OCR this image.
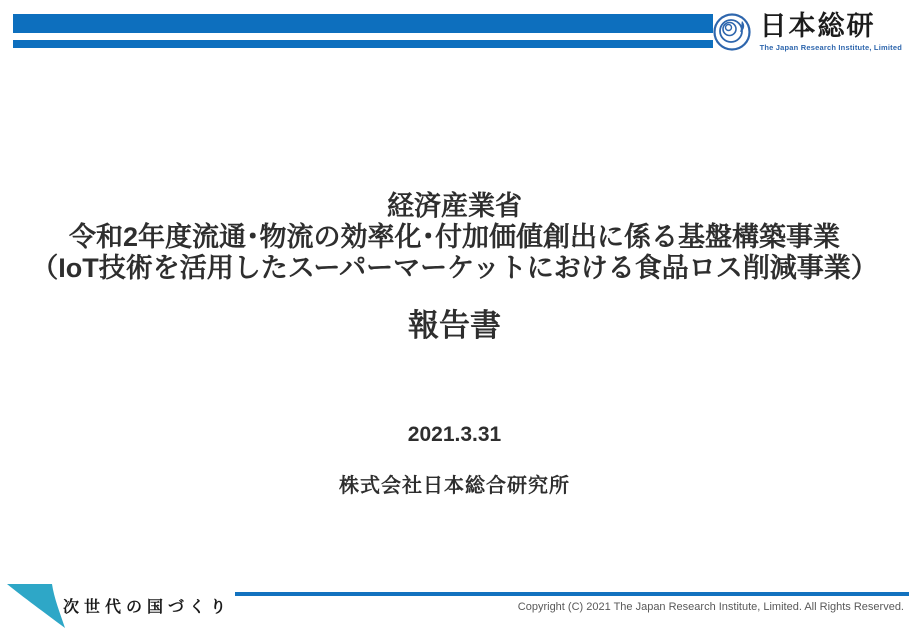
日本総研
The Japan Research Institute, Limited
経済産業省
令和2年度流通･物流の効率化･付加価値創出に係る基盤構築事業
（IoT技術を活用したスーパーマーケットにおける食品ロス削減事業）
報告書
2021.3.31
株式会社日本総合研究所
次世代の国づくり	Copyright (C) 2021 The Japan Research Institute, Limited. All Rights Reserved.
